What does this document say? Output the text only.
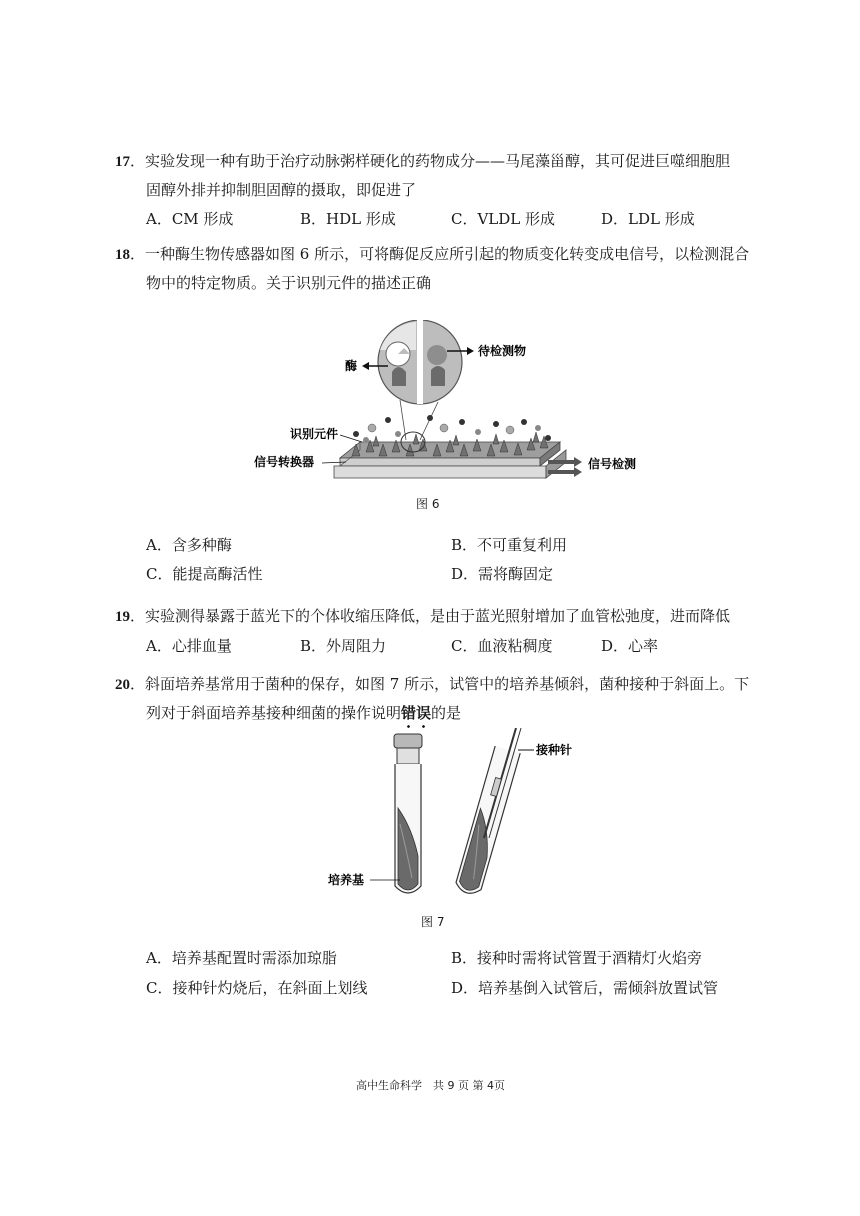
17．实验发现一种有助于治疗动脉粥样硬化的药物成分——马尾藻甾醇，其可促进巨噬细胞胆
固醇外排并抑制胆固醇的摄取，即促进了
A．CM 形成	B．HDL 形成	C．VLDL 形成	D．LDL 形成
18．一种酶生物传感器如图 6 所示，可将酶促反应所引起的物质变化转变成电信号，以检测混合
物中的特定物质。关于识别元件的描述正确
酶
待检测物
识别元件
信号转换器	信号检测
图 6
A．含多种酶	B．不可重复利用
C．能提高酶活性	D．需将酶固定
19．实验测得暴露于蓝光下的个体收缩压降低，是由于蓝光照射增加了血管松弛度，进而降低
A．心排血量	B．外周阻力	C．血液粘稠度	D．心率
20．斜面培养基常用于菌种的保存，如图 7 所示，试管中的培养基倾斜，菌种接种于斜面上。下
列对于斜面培养基接种细菌的操作说明错误的是
接种针
培养基
图 7
A．培养基配置时需添加琼脂	B．接种时需将试管置于酒精灯火焰旁
C．接种针灼烧后，在斜面上划线	D．培养基倒入试管后，需倾斜放置试管
高中生命科学　共 9 页 第 4页
